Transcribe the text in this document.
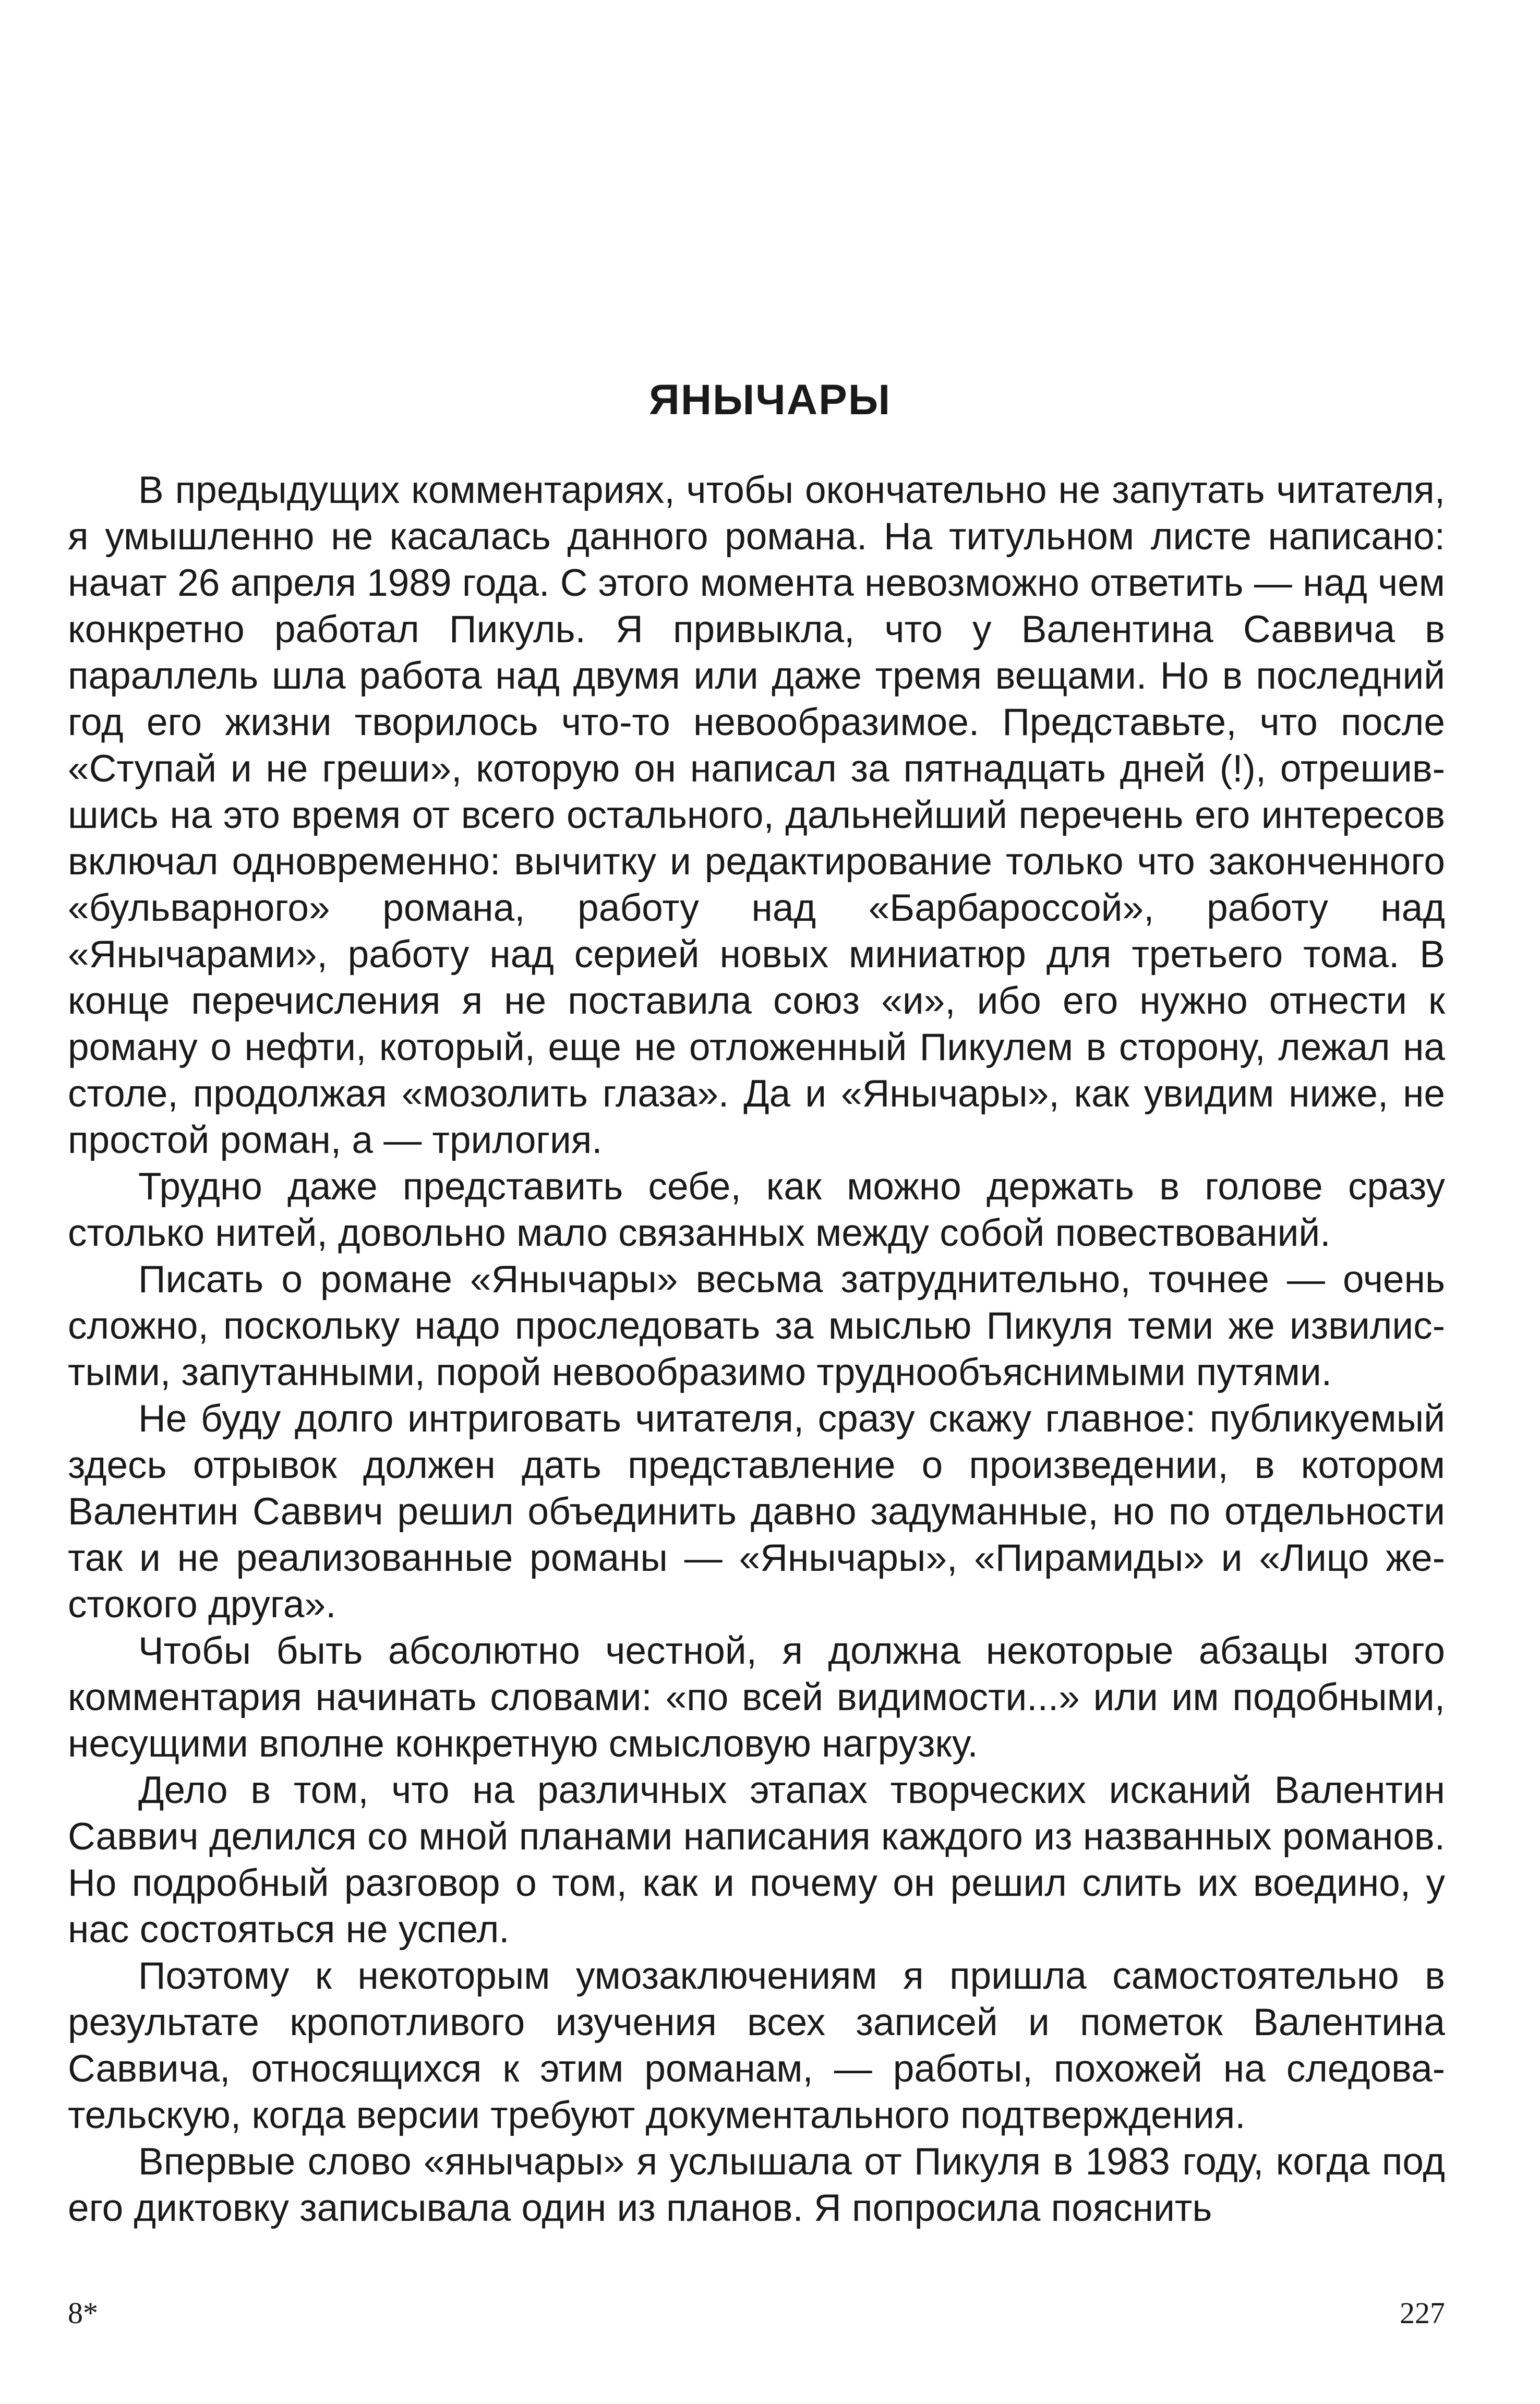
ЯНЫЧАРЫ

В предыдущих комментариях, чтобы окончательно не запутать читателя, я умышленно не касалась данного романа. На титульном листе написано: начат 26 апреля 1989 года. С этого момента невозможно ответить — над чем конкретно работал Пикуль. Я привыкла, что у Валентина Саввича в параллель шла работа над двумя или даже тремя вещами. Но в последний год его жизни творилось что-то невообразимое. Представьте, что после «Ступай и не греши», которую он написал за пятнадцать дней (!), отрешившись на это время от всего остального, дальнейший перечень его интересов включал одновременно: вычитку и редактирование только что законченного «бульварного» романа, работу над «Барбароссой», работу над «Янычарами», работу над серией новых миниатюр для третьего тома. В конце перечисления я не поставила союз «и», ибо его нужно отнести к роману о нефти, который, еще не отложенный Пикулем в сторону, лежал на столе, продолжая «мозолить глаза». Да и «Янычары», как увидим ниже, не простой роман, а — трилогия.

Трудно даже представить себе, как можно держать в голове сразу столько нитей, довольно мало связанных между собой повествований.

Писать о романе «Янычары» весьма затруднительно, точнее — очень сложно, поскольку надо проследовать за мыслью Пикуля теми же извилистыми, запутанными, порой невообразимо труднообъяснимыми путями.

Не буду долго интриговать читателя, сразу скажу главное: публикуемый здесь отрывок должен дать представление о произведении, в котором Валентин Саввич решил объединить давно задуманные, но по отдельности так и не реализованные романы — «Янычары», «Пирамиды» и «Лицо жестокого друга».

Чтобы быть абсолютно честной, я должна некоторые абзацы этого комментария начинать словами: «по всей видимости...» или им подобными, несущими вполне конкретную смысловую нагрузку.

Дело в том, что на различных этапах творческих исканий Валентин Саввич делился со мной планами написания каждого из названных романов. Но подробный разговор о том, как и почему он решил слить их воедино, у нас состояться не успел.

Поэтому к некоторым умозаключениям я пришла самостоятельно в результате кропотливого изучения всех записей и пометок Валентина Саввича, относящихся к этим романам, — работы, похожей на следовательскую, когда версии требуют документального подтверждения.

Впервые слово «янычары» я услышала от Пикуля в 1983 году, когда под его диктовку записывала один из планов. Я попросила пояснить

8*	227
